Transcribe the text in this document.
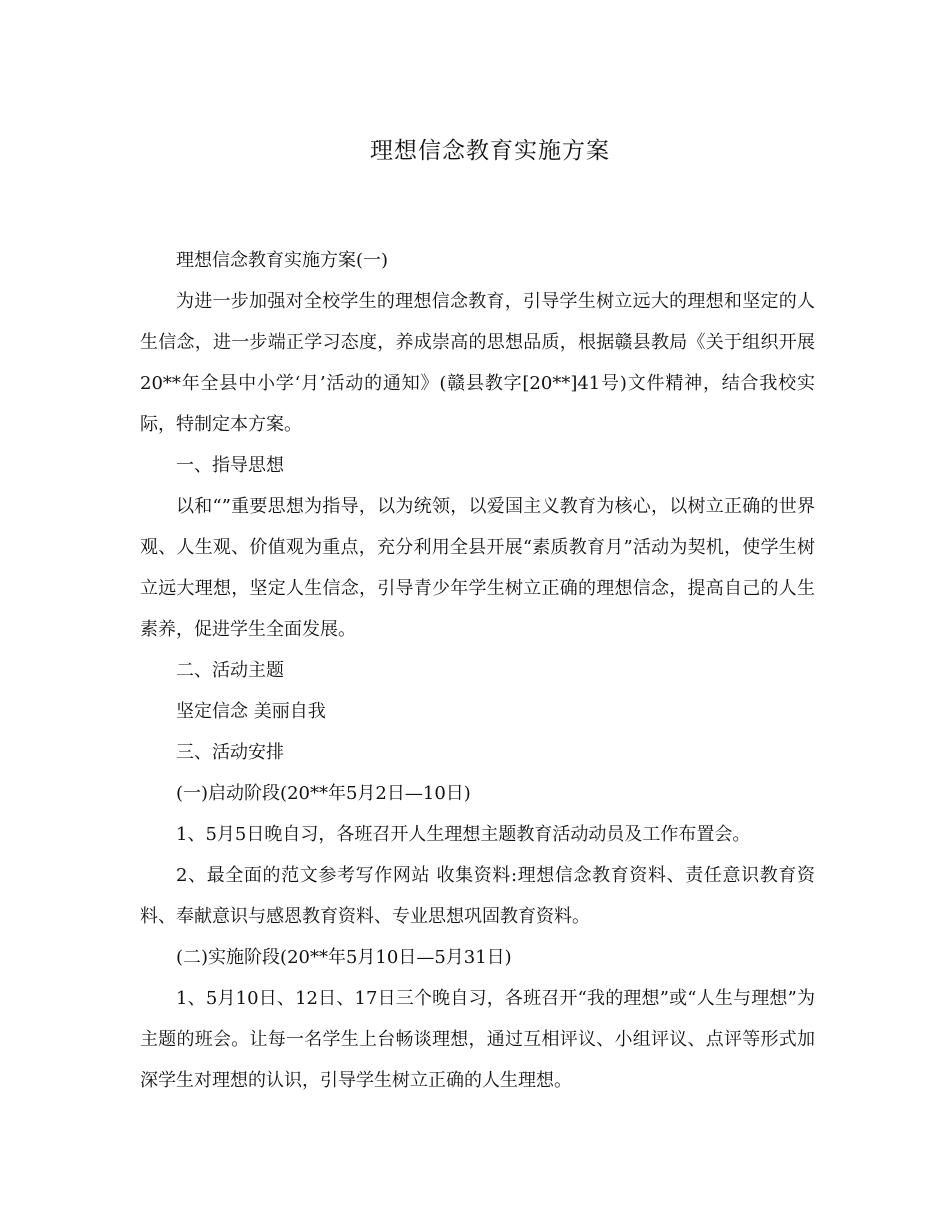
理想信念教育实施方案

理想信念教育实施方案(一)

为进一步加强对全校学生的理想信念教育，引导学生树立远大的理想和坚定的人生信念，进一步端正学习态度，养成崇高的思想品质，根据赣县教局《关于组织开展20**年全县中小学‘月’活动的通知》(赣县教字[20**]41号)文件精神，结合我校实际，特制定本方案。

一、指导思想

以和“”重要思想为指导，以为统领，以爱国主义教育为核心，以树立正确的世界观、人生观、价值观为重点，充分利用全县开展“素质教育月”活动为契机，使学生树立远大理想，坚定人生信念，引导青少年学生树立正确的理想信念，提高自己的人生素养，促进学生全面发展。

二、活动主题

坚定信念 美丽自我

三、活动安排

(一)启动阶段(20**年5月2日—10日)

1、5月5日晚自习，各班召开人生理想主题教育活动动员及工作布置会。

2、最全面的范文参考写作网站 收集资料:理想信念教育资料、责任意识教育资料、奉献意识与感恩教育资料、专业思想巩固教育资料。

(二)实施阶段(20**年5月10日—5月31日)

1、5月10日、12日、17日三个晚自习，各班召开“我的理想”或“人生与理想”为主题的班会。让每一名学生上台畅谈理想，通过互相评议、小组评议、点评等形式加深学生对理想的认识，引导学生树立正确的人生理想。
